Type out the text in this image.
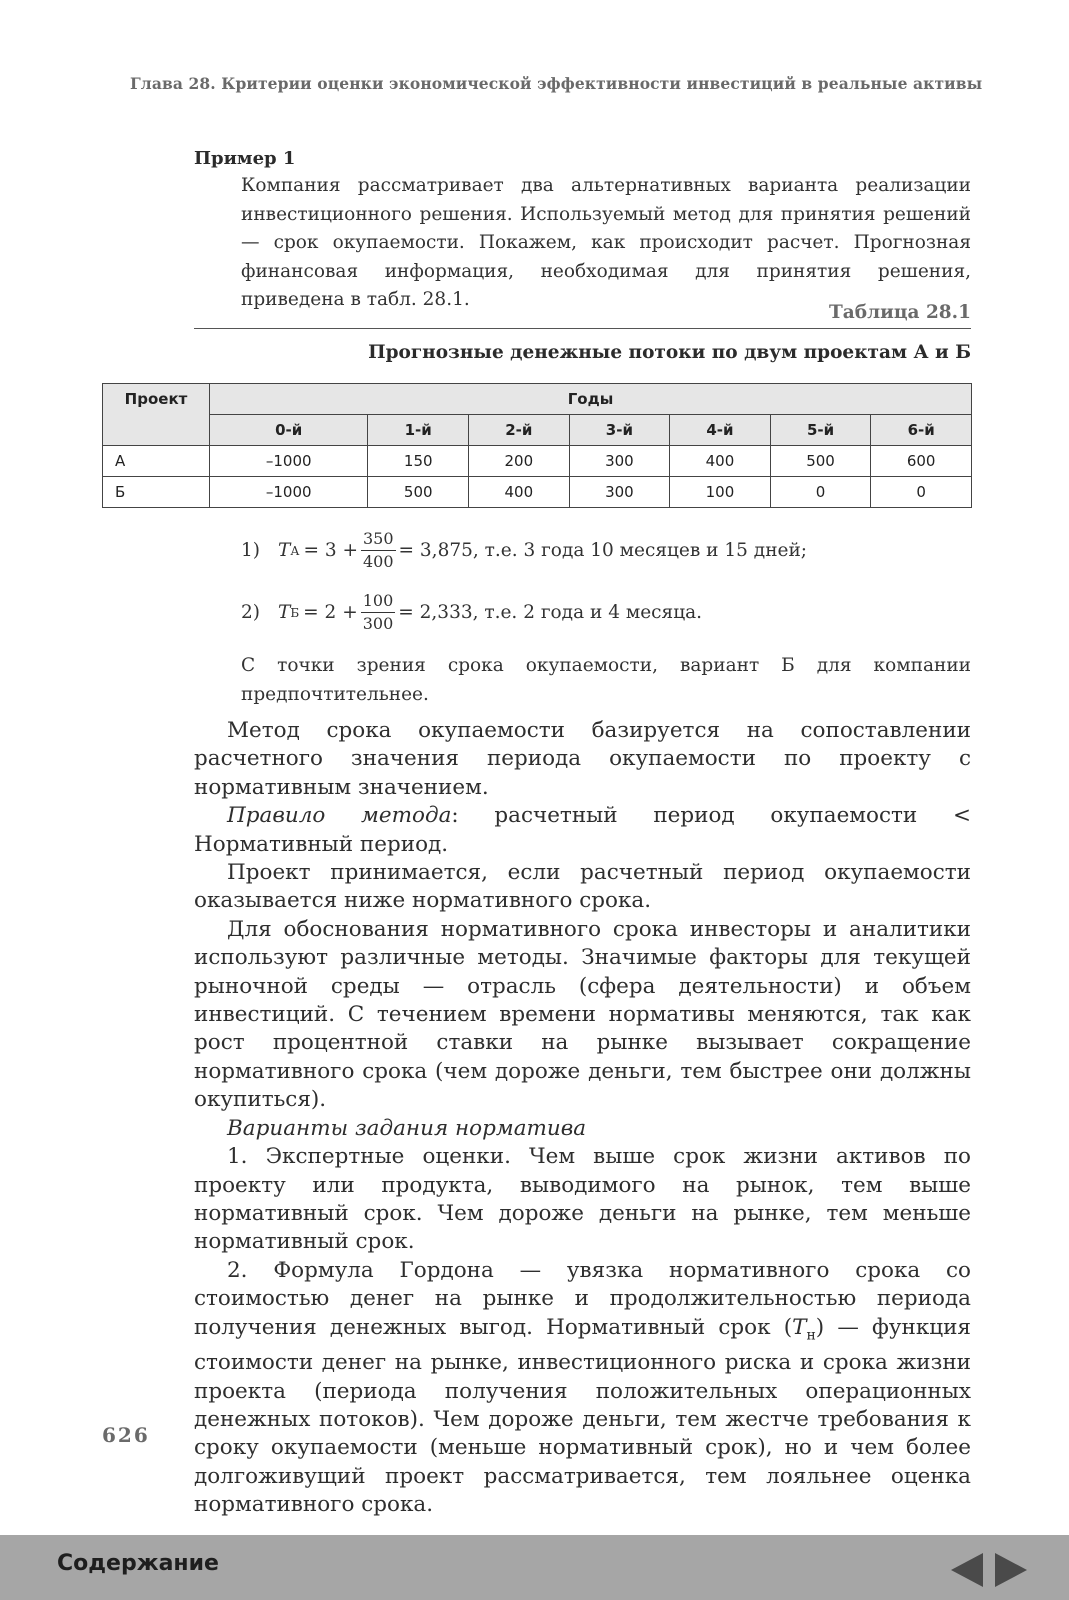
Глава 28. Критерии оценки экономической эффективности инвестиций в реальные активы
Пример 1
Компания рассматривает два альтернативных варианта реализации инвестиционного решения. Используемый метод для принятия решений — срок окупаемости. Покажем, как происходит расчет. Прогнозная финансовая информация, необходимая для принятия решения, приведена в табл. 28.1.
Таблица 28.1
Прогнозные денежные потоки по двум проектам А и Б
Проект	Годы						
	0-й	1-й	2-й	3-й	4-й	5-й	6-й
А	–1000	150	200	300	400	500	600
Б	–1000	500	400	300	100	0	0
1) T $А = 3 + \frac{350}{400} = 3,875$, т.е. 3 года 10 месяцев и 15 дней;
2) T $Б = 2 + \frac{100}{300} = 2,333$, т.е. 2 года и 4 месяца.
С точки зрения срока окупаемости, вариант Б для компании предпочтительнее.

Метод срока окупаемости базируется на сопоставлении расчетного значения периода окупаемости по проекту с нормативным значением.

Правило метода: расчетный период окупаемости < Нормативный период.

Проект принимается, если расчетный период окупаемости оказывается ниже нормативного срока.

Для обоснования нормативного срока инвесторы и аналитики используют различные методы. Значимые факторы для текущей рыночной среды — отрасль (сфера деятельности) и объем инвестиций. С течением времени нормативы меняются, так как рост процентной ставки на рынке вызывает сокращение нормативного срока (чем дороже деньги, тем быстрее они должны окупиться).

Варианты задания норматива

1. Экспертные оценки. Чем выше срок жизни активов по проекту или продукта, выводимого на рынок, тем выше нормативный срок. Чем дороже деньги на рынке, тем меньше нормативный срок.

2. Формула Гордона — увязка нормативного срока со стоимостью денег на рынке и продолжительностью периода получения денежных выгод. Нормативный срок $(T_н)$ — функция стоимости денег на рынке, инвестиционного риска и срока жизни проекта (периода получения положительных операционных денежных потоков). Чем дороже деньги, тем жестче требования к сроку окупаемости (меньше нормативный срок), но и чем более долгоживущий проект рассматривается, тем лояльнее оценка нормативного срока.

626
Содержание
